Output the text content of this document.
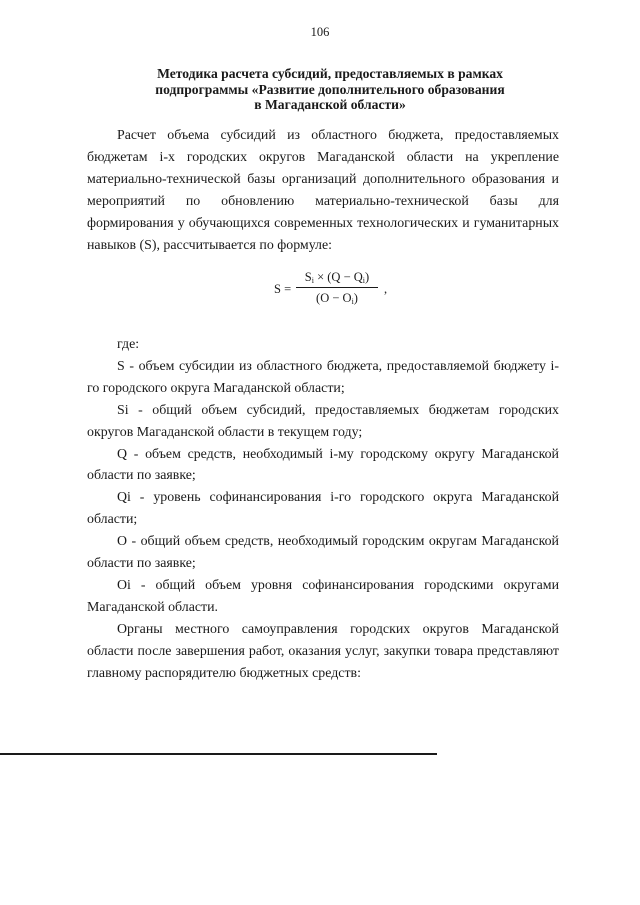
106
Методика расчета субсидий, предоставляемых в рамках
подпрограммы «Развитие дополнительного образования
в Магаданской области»

Расчет объема субсидий из областного бюджета, предоставляемых бюджетам i-х городских округов Магаданской области на укрепление материально-технической базы организаций дополнительного образования и мероприятий по обновлению материально-технической базы для формирования у обучающихся современных технологических и гуманитарных навыков (S), рассчитывается по формуле:

S =
$S_i \times (Q - Q_i)$
$(O - O_i)$
,

где:

S - объем субсидии из областного бюджета, предоставляемой бюджету i-го городского округа Магаданской области;

Si - общий объем субсидий, предоставляемых бюджетам городских округов Магаданской области в текущем году;

Q - объем средств, необходимый i-му городскому округу Магаданской области по заявке;

Qi - уровень софинансирования i-го городского округа Магаданской области;

О - общий объем средств, необходимый городским округам Магаданской области по заявке;

Oi - общий объем уровня софинансирования городскими округами Магаданской области.

Органы местного самоуправления городских округов Магаданской области после завершения работ, оказания услуг, закупки товара представляют главному распорядителю бюджетных средств:
